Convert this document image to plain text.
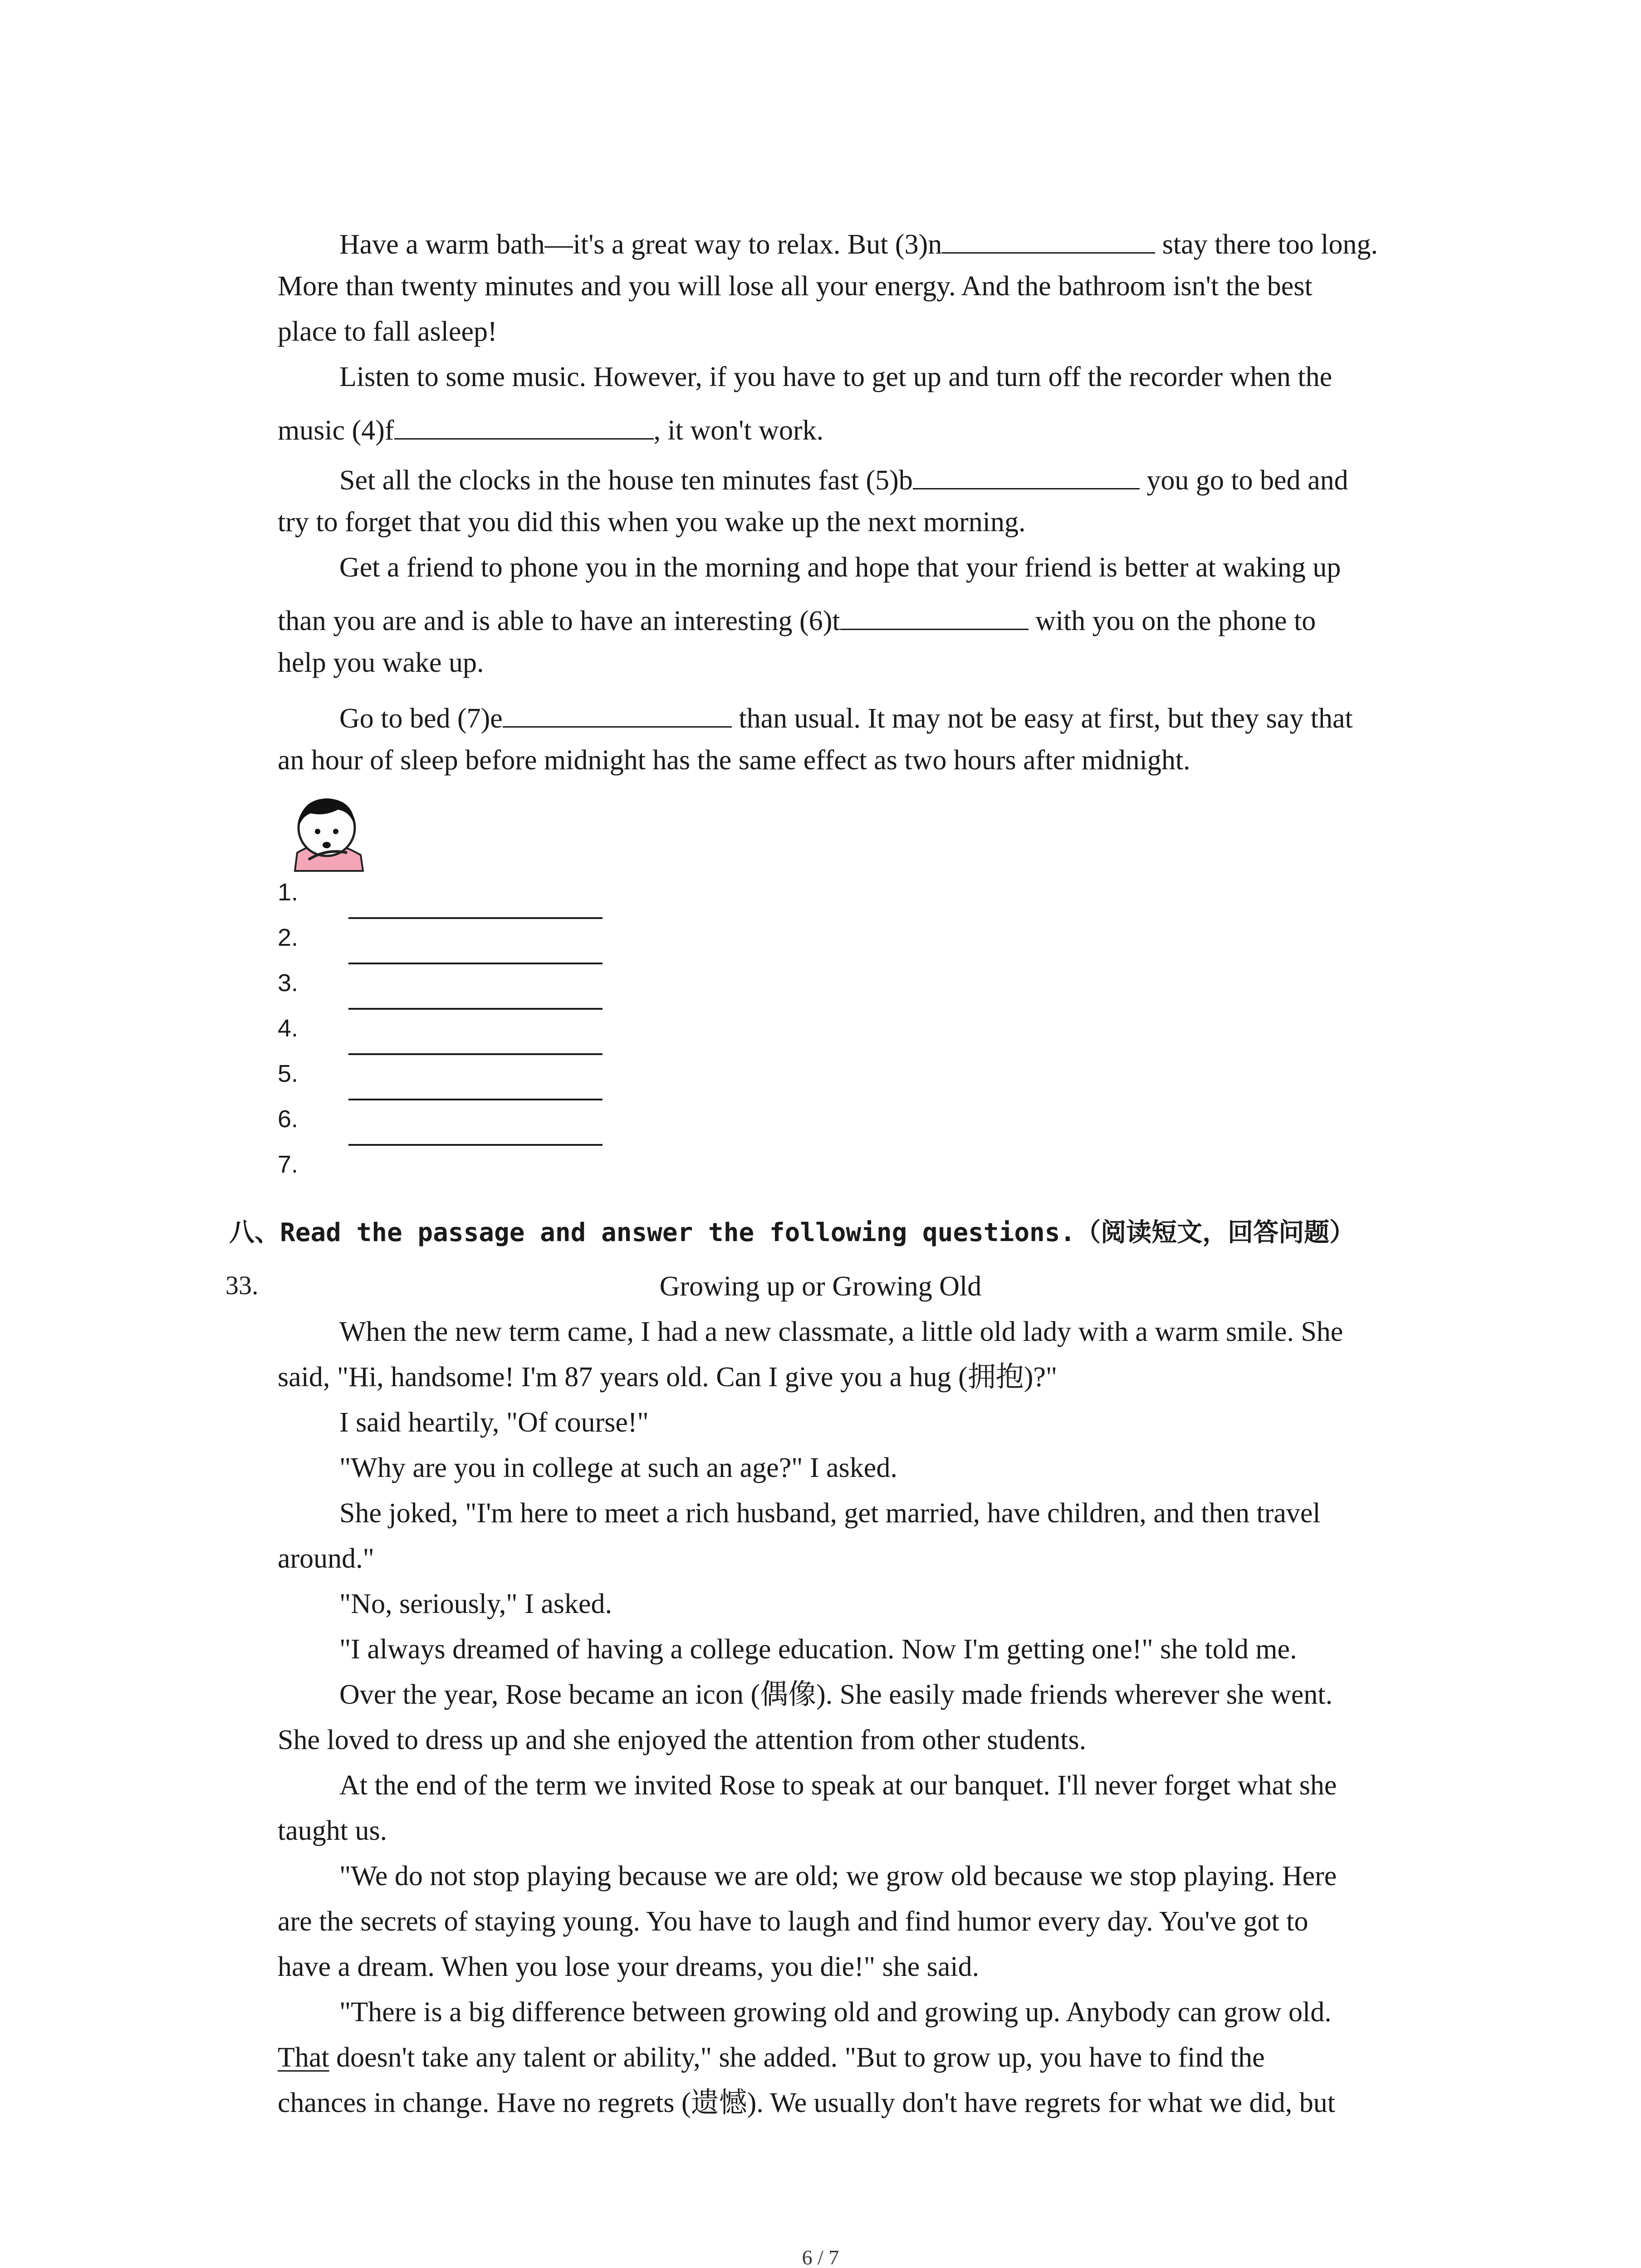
Have a warm bath—it's a great way to relax. But (3)n	stay there too long.
More than twenty minutes and you will lose all your energy. And the bathroom isn't the best
place to fall asleep!
Listen to some music. However, if you have to get up and turn off the recorder when the
music (4)f	, it won't work.
Set all the clocks in the house ten minutes fast (5)b	you go to bed and
try to forget that you did this when you wake up the next morning.
Get a friend to phone you in the morning and hope that your friend is better at waking up
than you are and is able to have an interesting (6)t	with you on the phone to
help you wake up.
Go to bed (7)e	than usual. It may not be easy at first, but they say that
an hour of sleep before midnight has the same effect as two hours after midnight.
1.
2.
3.
4.
5.
6.
7.
八、Read the passage and answer the following questions.（阅读短文，回答问题）
33.	Growing up or Growing Old
When the new term came, I had a new classmate, a little old lady with a warm smile. She
said, "Hi, handsome! I'm 87 years old. Can I give you a hug (拥抱)?"
I said heartily, "Of course!"
"Why are you in college at such an age?" I asked.
She joked, "I'm here to meet a rich husband, get married, have children, and then travel
around."
"No, seriously," I asked.
"I always dreamed of having a college education. Now I'm getting one!" she told me.
Over the year, Rose became an icon (偶像). She easily made friends wherever she went.
She loved to dress up and she enjoyed the attention from other students.
At the end of the term we invited Rose to speak at our banquet. I'll never forget what she
taught us.
"We do not stop playing because we are old; we grow old because we stop playing. Here
are the secrets of staying young. You have to laugh and find humor every day. You've got to
have a dream. When you lose your dreams, you die!" she said.
"There is a big difference between growing old and growing up. Anybody can grow old.
That doesn't take any talent or ability," she added. "But to grow up, you have to find the
chances in change. Have no regrets (遗憾). We usually don't have regrets for what we did, but
6 / 7
